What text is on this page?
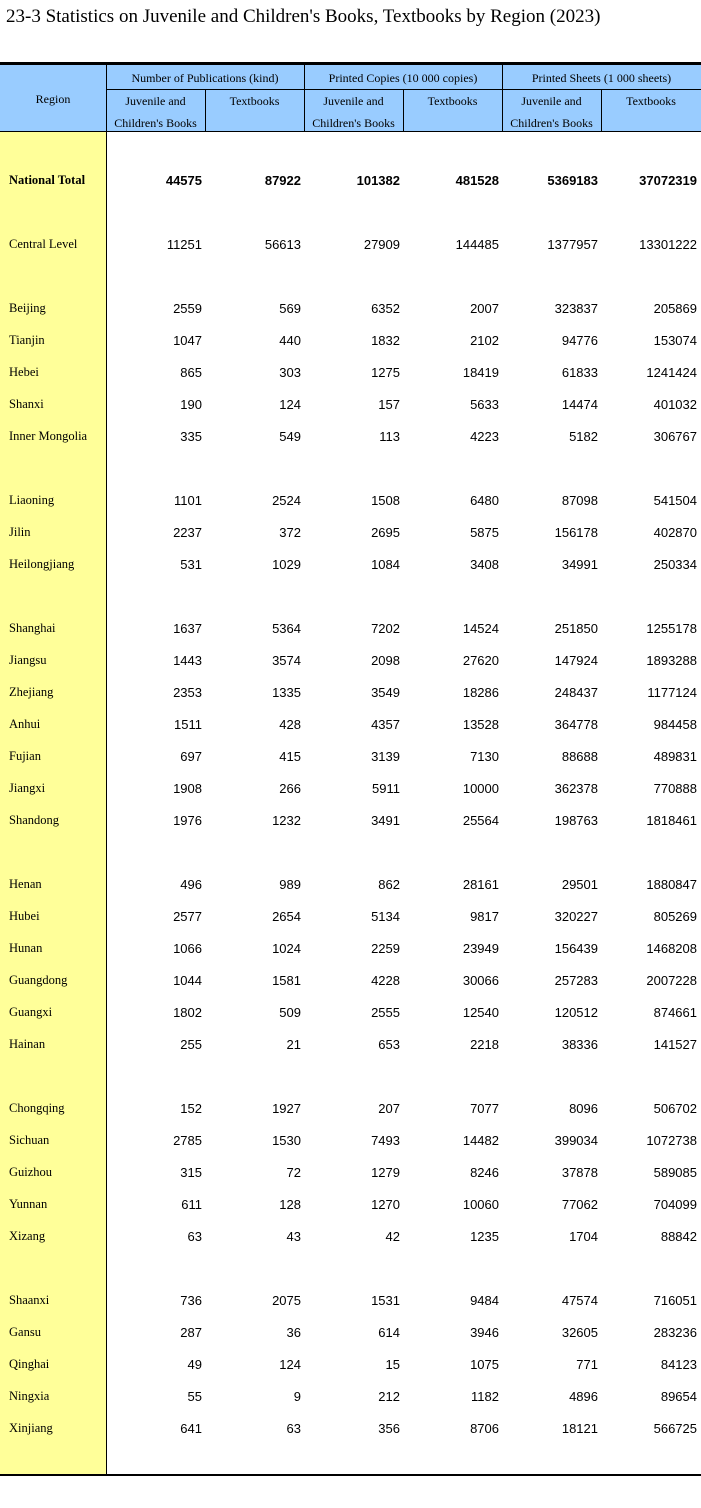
23-3 Statistics on Juvenile and Children's Books, Textbooks by Region (2023)
Region
Number of Publications (kind)	Printed Copies (10 000 copies)	Printed Sheets (1 000 sheets)
Juvenile and
Children's Books
Textbooks	Juvenile and
Children's Books
Textbooks	Juvenile and
Children's Books
Textbooks
National Total	44575	87922	101382	481528	5369183	37072319
Central Level	11251	56613	27909	144485	1377957	13301222
Beijing	2559	569	6352	2007	323837	205869
Tianjin	1047	440	1832	2102	94776	153074
Hebei	865	303	1275	18419	61833	1241424
Shanxi	190	124	157	5633	14474	401032
Inner Mongolia	335	549	113	4223	5182	306767
Liaoning	1101	2524	1508	6480	87098	541504
Jilin	2237	372	2695	5875	156178	402870
Heilongjiang	531	1029	1084	3408	34991	250334
Shanghai	1637	5364	7202	14524	251850	1255178
Jiangsu	1443	3574	2098	27620	147924	1893288
Zhejiang	2353	1335	3549	18286	248437	1177124
Anhui	1511	428	4357	13528	364778	984458
Fujian	697	415	3139	7130	88688	489831
Jiangxi	1908	266	5911	10000	362378	770888
Shandong	1976	1232	3491	25564	198763	1818461
Henan	496	989	862	28161	29501	1880847
Hubei	2577	2654	5134	9817	320227	805269
Hunan	1066	1024	2259	23949	156439	1468208
Guangdong	1044	1581	4228	30066	257283	2007228
Guangxi	1802	509	2555	12540	120512	874661
Hainan	255	21	653	2218	38336	141527
Chongqing	152	1927	207	7077	8096	506702
Sichuan	2785	1530	7493	14482	399034	1072738
Guizhou	315	72	1279	8246	37878	589085
Yunnan	611	128	1270	10060	77062	704099
Xizang	63	43	42	1235	1704	88842
Shaanxi	736	2075	1531	9484	47574	716051
Gansu	287	36	614	3946	32605	283236
Qinghai	49	124	15	1075	771	84123
Ningxia	55	9	212	1182	4896	89654
Xinjiang	641	63	356	8706	18121	566725
